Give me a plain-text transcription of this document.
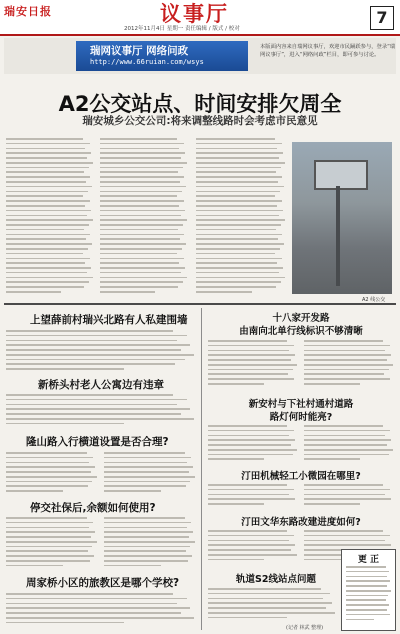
瑞安日报	议事厅
2012年11月4日 星期一 责任编辑 / 版式 / 校对
7
瑞网议事厅 网络问政
http://www.66ruian.com/wsys
本版面内容来自瑞网议事厅，欢迎市民踊跃参与，登录“瑞网议事厅”，进入“网络问政”栏目，即可参与讨论。
A2公交站点、时间安排欠周全
瑞安城乡公交公司:将来调整线路时会考虑市民意见
A2 线公交
上望薛前村瑞兴北路有人私建围墙
新桥头村老人公寓边有违章
隆山路入行横道设置是否合理?
停交社保后,余额如何使用?
周家桥小区的旅教区是哪个学校?
十八家开发路
由南向北单行线标识不够清晰
新安村与下社村通村道路
路灯何时能亮?
汀田机械轻工小微园在哪里?
汀田文华东路改建进度如何?
轨道S2线站点问题
更 正
(记者 林武 整理)
